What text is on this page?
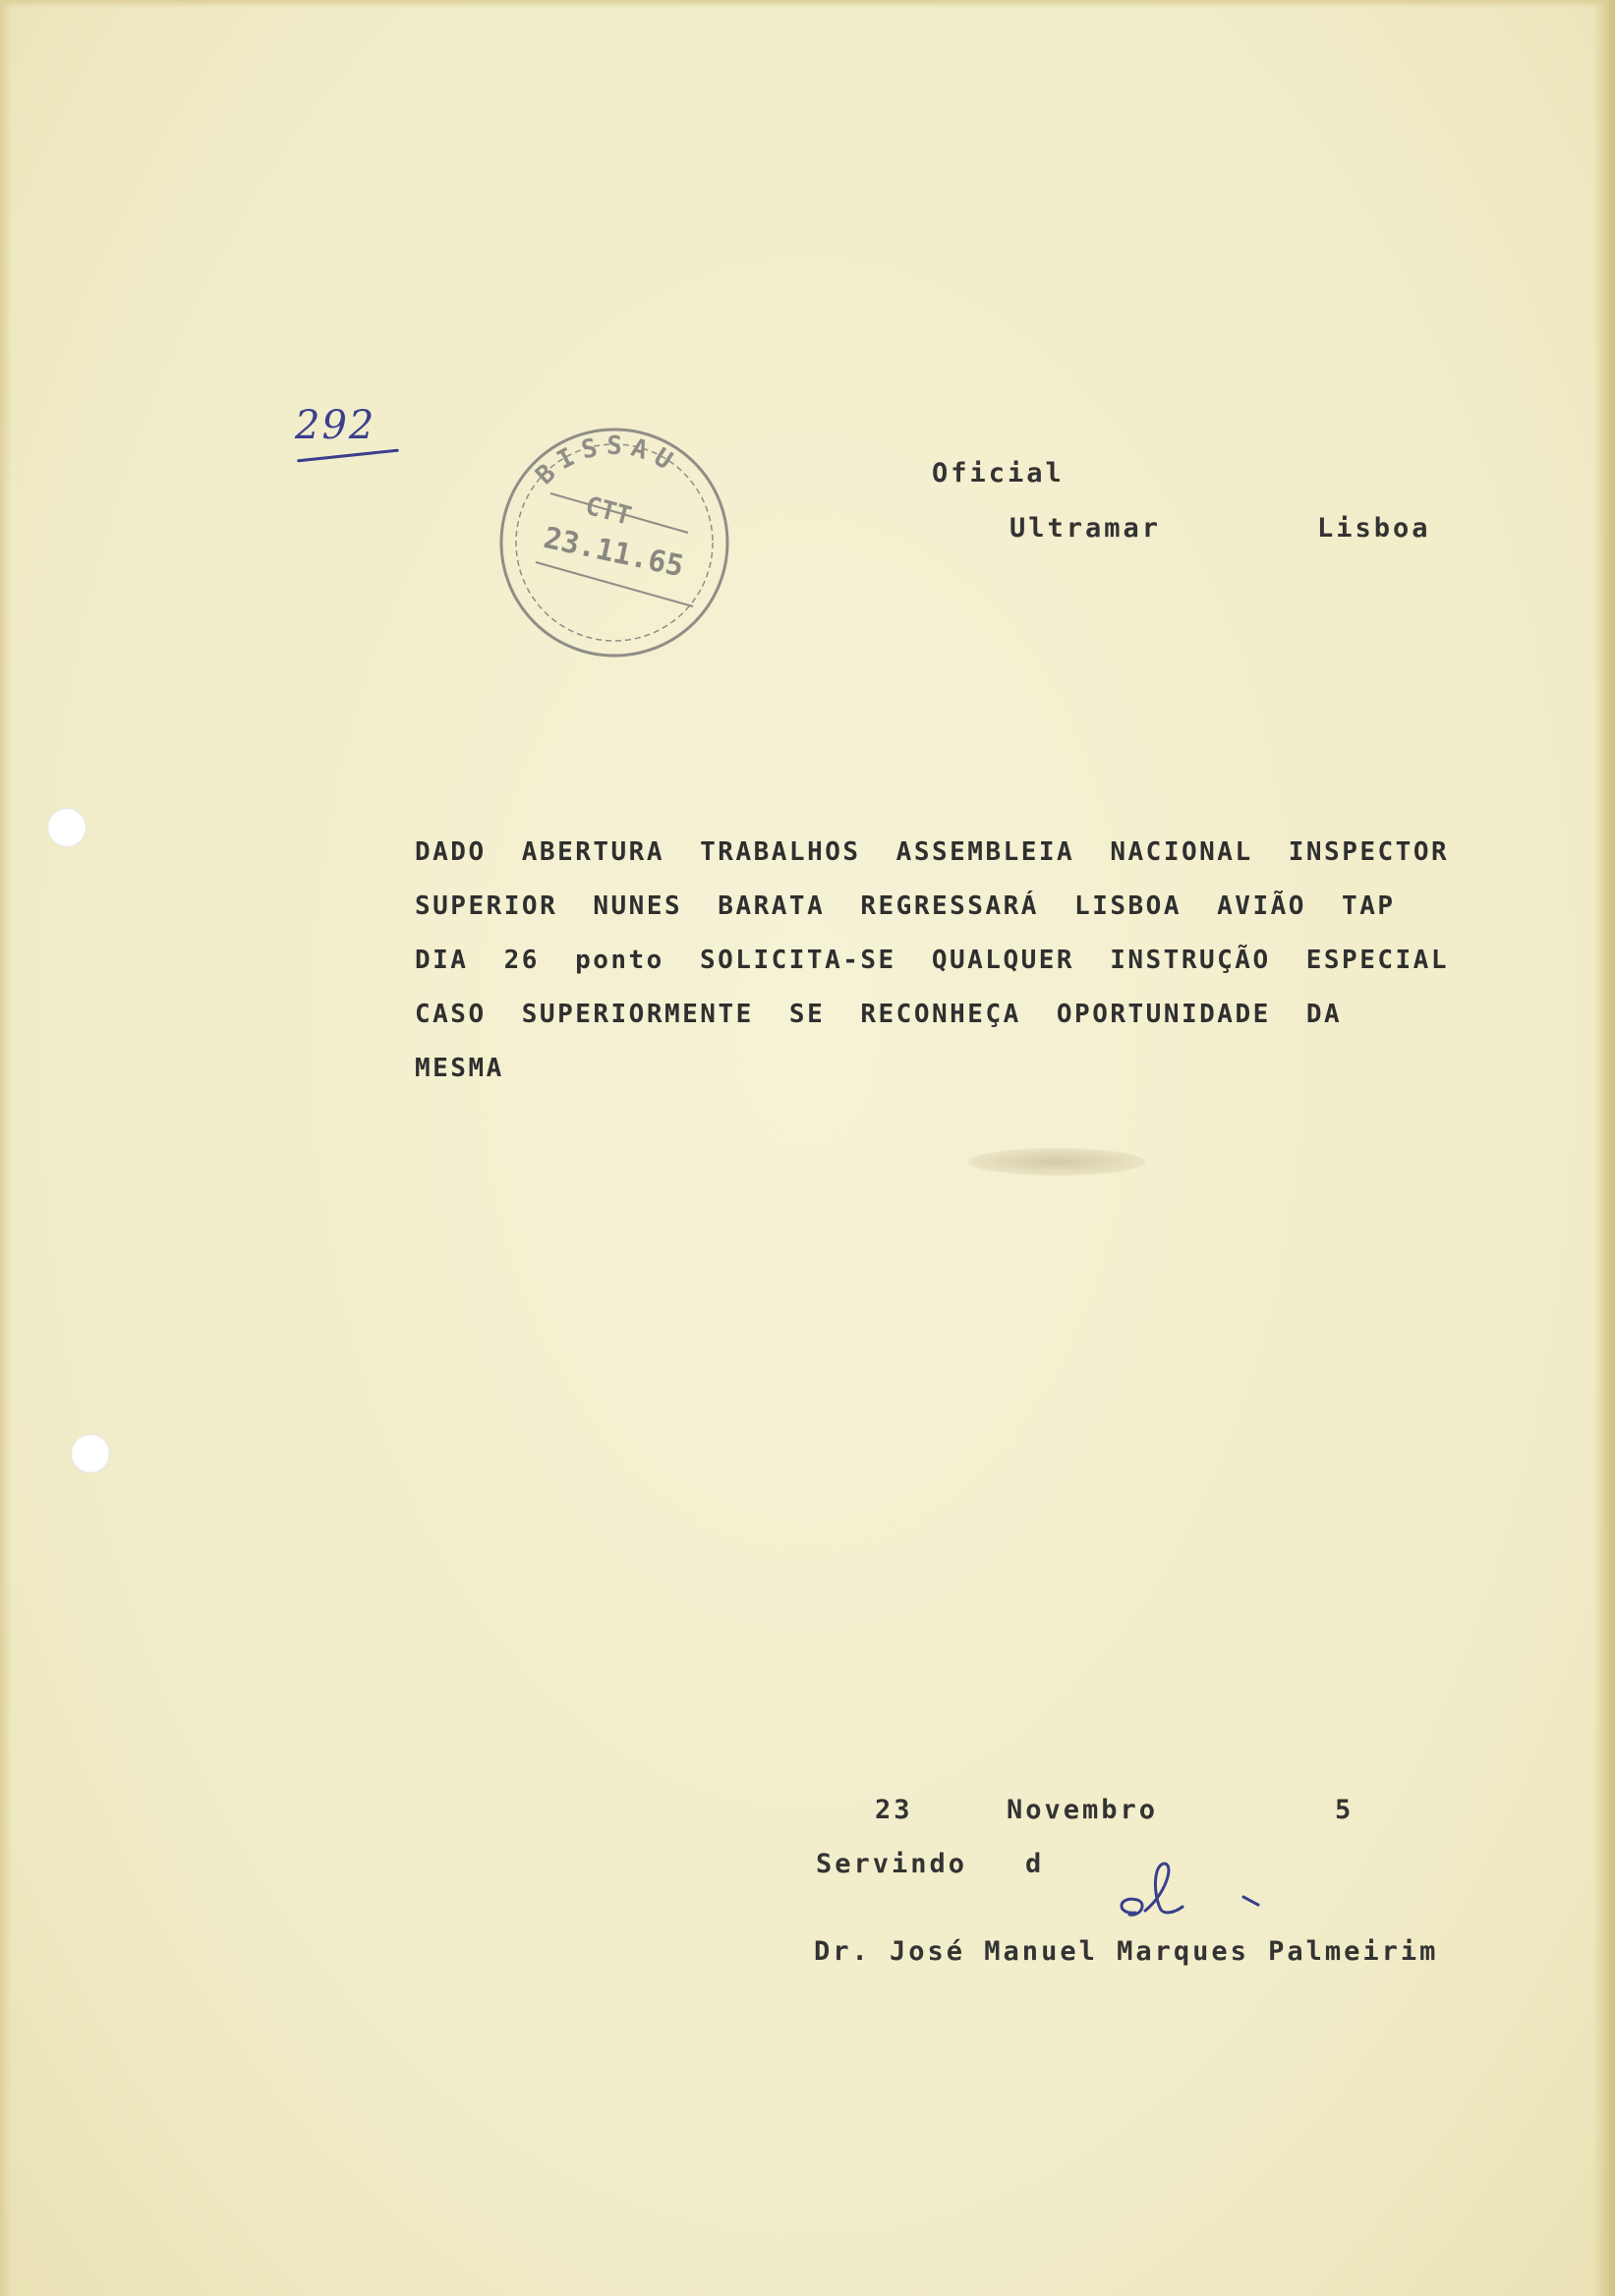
292
BISSAU
CTT
23.11.65
Oficial
Ultramar	Lisboa
DADO ABERTURA TRABALHOS ASSEMBLEIA NACIONAL INSPECTOR
SUPERIOR NUNES BARATA REGRESSARÁ LISBOA AVIÃO TAP
DIA 26 ponto SOLICITA-SE QUALQUER INSTRUÇÃO ESPECIAL
CASO SUPERIORMENTE SE RECONHEÇA OPORTUNIDADE DA
MESMA
23	Novembro	5
Servindo d
Dr. José Manuel Marques Palmeirim
